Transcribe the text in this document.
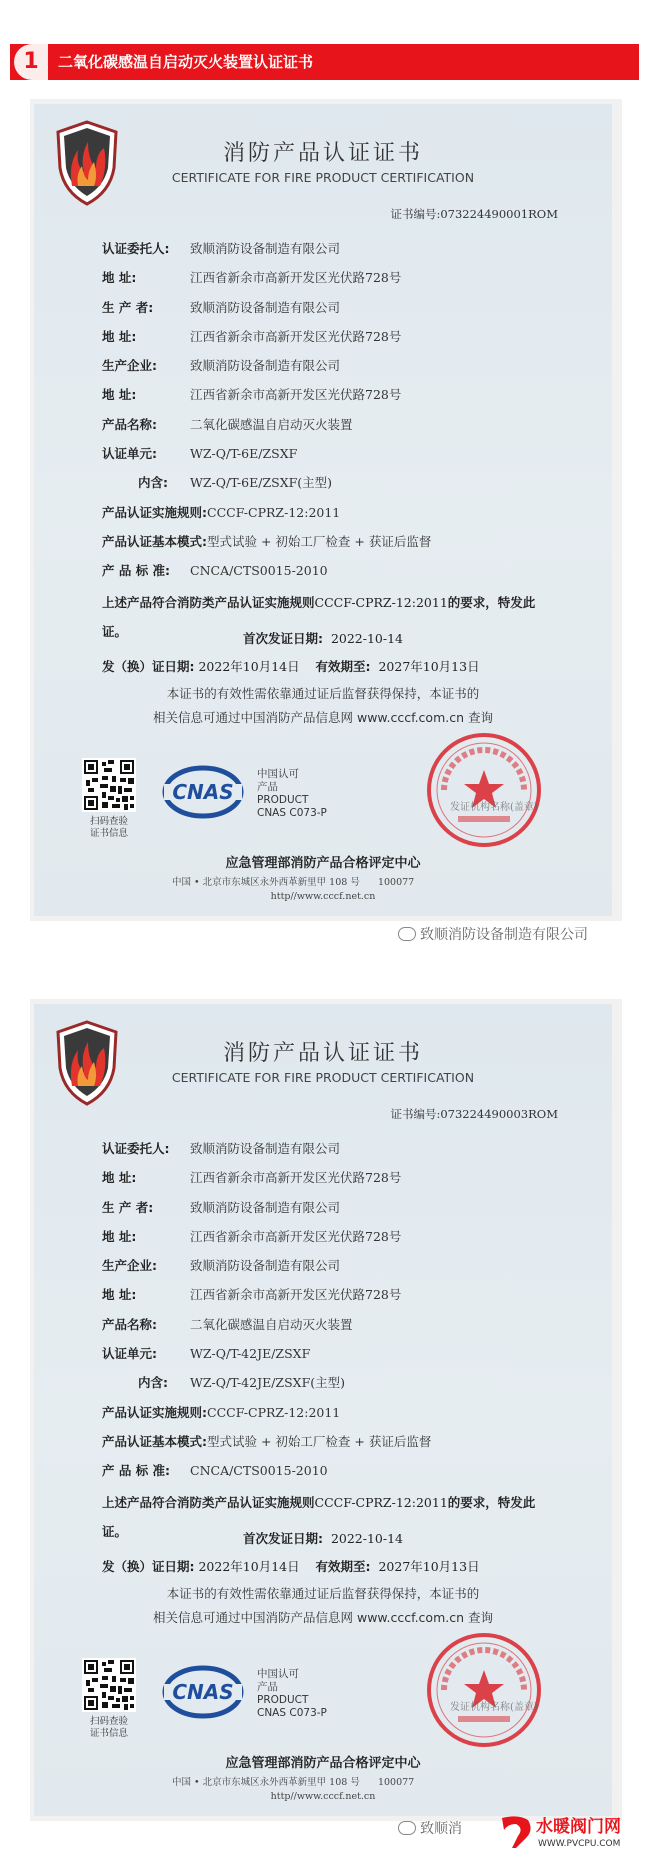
1	二氧化碳感温自启动灭火装置认证证书
消防产品认证证书
CERTIFICATE FOR FIRE PRODUCT CERTIFICATION
证书编号:073224490001ROM
认证委托人: 致顺消防设备制造有限公司
地 址:	江西省新余市高新开发区光伏路728号
生 产 者:	致顺消防设备制造有限公司
地 址:	江西省新余市高新开发区光伏路728号
生产企业:	致顺消防设备制造有限公司
地 址:	江西省新余市高新开发区光伏路728号
产品名称:	二氧化碳感温自启动灭火装置
认证单元:	WZ-Q/T-6E/ZSXF
内含: WZ-Q/T-6E/ZSXF(主型)
产品认证实施规则:CCCF-CPRZ-12:2011
产品认证基本模式:型式试验 + 初始工厂检查 + 获证后监督
产 品 标 准: CNCA/CTS0015-2010
上述产品符合消防类产品认证实施规则CCCF-CPRZ-12:2011的要求，特发此证。	首次发证日期: 2022-10-14
发（换）证日期: 2022年10月14日 有效期至: 2027年10月13日
本证书的有效性需依靠通过证后监督获得保持，本证书的
相关信息可通过中国消防产品信息网 www.cccf.com.cn 查询
扫码查验
证书信息
CNAS
中国认可
产品
PRODUCT
CNAS C073-P	发证机构名称(盖章)
应急管理部消防产品合格评定中心
中国 • 北京市东城区永外西革新里甲 108 号 100077
http//www.cccf.net.cn
消防产品认证证书
CERTIFICATE FOR FIRE PRODUCT CERTIFICATION
证书编号:073224490003ROM
认证委托人: 致顺消防设备制造有限公司
地 址:	江西省新余市高新开发区光伏路728号
生 产 者:	致顺消防设备制造有限公司
地 址:	江西省新余市高新开发区光伏路728号
生产企业:	致顺消防设备制造有限公司
地 址:	江西省新余市高新开发区光伏路728号
产品名称:	二氧化碳感温自启动灭火装置
认证单元:	WZ-Q/T-42JE/ZSXF
内含: WZ-Q/T-42JE/ZSXF(主型)
产品认证实施规则:CCCF-CPRZ-12:2011
产品认证基本模式:型式试验 + 初始工厂检查 + 获证后监督
产 品 标 准: CNCA/CTS0015-2010
上述产品符合消防类产品认证实施规则CCCF-CPRZ-12:2011的要求，特发此证。	首次发证日期: 2022-10-14
发（换）证日期: 2022年10月14日 有效期至: 2027年10月13日
本证书的有效性需依靠通过证后监督获得保持，本证书的
相关信息可通过中国消防产品信息网 www.cccf.com.cn 查询
扫码查验
证书信息
CNAS
中国认可
产品
PRODUCT
CNAS C073-P	发证机构名称(盖章)
应急管理部消防产品合格评定中心
中国 • 北京市东城区永外西革新里甲 108 号 100077
http//www.cccf.net.cn
致顺消防设备制造有限公司
致顺消	水暖阀门网
WWW.PVCPU.COM
